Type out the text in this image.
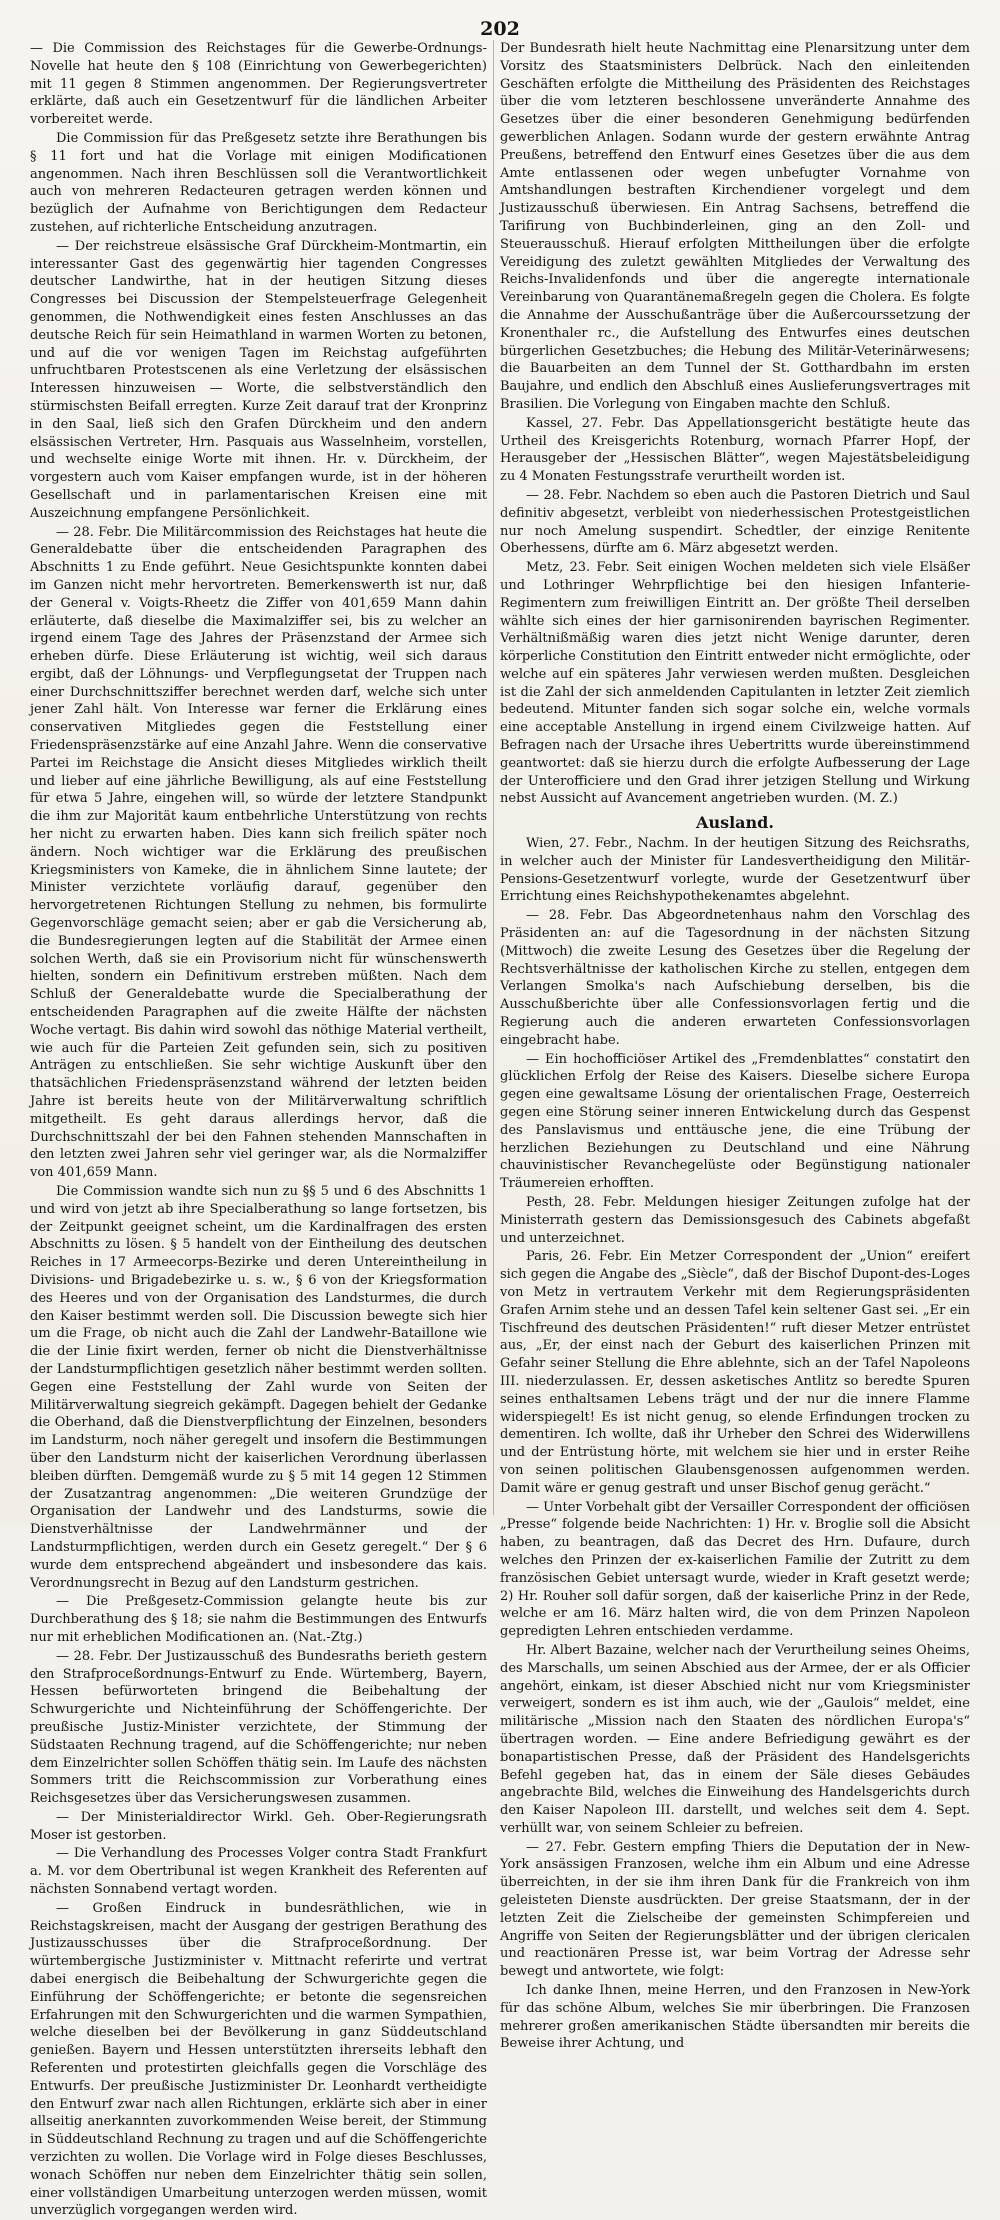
202

— Die Commission des Reichstages für die Gewerbe-Ordnungs-Novelle hat heute den § 108 (Einrichtung von Gewerbegerichten) mit 11 gegen 8 Stimmen angenommen. Der Regierungsvertreter erklärte, daß auch ein Gesetzentwurf für die ländlichen Arbeiter vorbereitet werde.

Die Commission für das Preßgesetz setzte ihre Berathungen bis § 11 fort und hat die Vorlage mit einigen Modificationen angenommen. Nach ihren Beschlüssen soll die Verantwortlichkeit auch von mehreren Redacteuren getragen werden können und bezüglich der Aufnahme von Berichtigungen dem Redacteur zustehen, auf richterliche Entscheidung anzutragen.

— Der reichstreue elsässische Graf Dürckheim-Montmartin, ein interessanter Gast des gegenwärtig hier tagenden Congresses deutscher Landwirthe, hat in der heutigen Sitzung dieses Congresses bei Discussion der Stempelsteuerfrage Gelegenheit genommen, die Nothwendigkeit eines festen Anschlusses an das deutsche Reich für sein Heimathland in warmen Worten zu betonen, und auf die vor wenigen Tagen im Reichstag aufgeführten unfruchtbaren Protestscenen als eine Verletzung der elsässischen Interessen hinzuweisen — Worte, die selbstverständlich den stürmischsten Beifall erregten. Kurze Zeit darauf trat der Kronprinz in den Saal, ließ sich den Grafen Dürckheim und den andern elsässischen Vertreter, Hrn. Pasquais aus Wasselnheim, vorstellen, und wechselte einige Worte mit ihnen. Hr. v. Dürckheim, der vorgestern auch vom Kaiser empfangen wurde, ist in der höheren Gesellschaft und in parlamentarischen Kreisen eine mit Auszeichnung empfangene Persönlichkeit.

— 28. Febr. Die Militärcommission des Reichstages hat heute die Generaldebatte über die entscheidenden Paragraphen des Abschnitts 1 zu Ende geführt. Neue Gesichtspunkte konnten dabei im Ganzen nicht mehr hervortreten. Bemerkenswerth ist nur, daß der General v. Voigts-Rheetz die Ziffer von 401,659 Mann dahin erläuterte, daß dieselbe die Maximalziffer sei, bis zu welcher an irgend einem Tage des Jahres der Präsenzstand der Armee sich erheben dürfe. Diese Erläuterung ist wichtig, weil sich daraus ergibt, daß der Löhnungs- und Verpflegungsetat der Truppen nach einer Durchschnittsziffer berechnet werden darf, welche sich unter jener Zahl hält. Von Interesse war ferner die Erklärung eines conservativen Mitgliedes gegen die Feststellung einer Friedenspräsenzstärke auf eine Anzahl Jahre. Wenn die conservative Partei im Reichstage die Ansicht dieses Mitgliedes wirklich theilt und lieber auf eine jährliche Bewilligung, als auf eine Feststellung für etwa 5 Jahre, eingehen will, so würde der letztere Standpunkt die ihm zur Majorität kaum entbehrliche Unterstützung von rechts her nicht zu erwarten haben. Dies kann sich freilich später noch ändern. Noch wichtiger war die Erklärung des preußischen Kriegsministers von Kameke, die in ähnlichem Sinne lautete; der Minister verzichtete vorläufig darauf, gegenüber den hervorgetretenen Richtungen Stellung zu nehmen, bis formulirte Gegenvorschläge gemacht seien; aber er gab die Versicherung ab, die Bundesregierungen legten auf die Stabilität der Armee einen solchen Werth, daß sie ein Provisorium nicht für wünschenswerth hielten, sondern ein Definitivum erstreben müßten. Nach dem Schluß der Generaldebatte wurde die Specialberathung der entscheidenden Paragraphen auf die zweite Hälfte der nächsten Woche vertagt. Bis dahin wird sowohl das nöthige Material vertheilt, wie auch für die Parteien Zeit gefunden sein, sich zu positiven Anträgen zu entschließen. Sie sehr wichtige Auskunft über den thatsächlichen Friedenspräsenzstand während der letzten beiden Jahre ist bereits heute von der Militärverwaltung schriftlich mitgetheilt. Es geht daraus allerdings hervor, daß die Durchschnittszahl der bei den Fahnen stehenden Mannschaften in den letzten zwei Jahren sehr viel geringer war, als die Normalziffer von 401,659 Mann.

Die Commission wandte sich nun zu §§ 5 und 6 des Abschnitts 1 und wird von jetzt ab ihre Specialberathung so lange fortsetzen, bis der Zeitpunkt geeignet scheint, um die Kardinalfragen des ersten Abschnitts zu lösen. § 5 handelt von der Eintheilung des deutschen Reiches in 17 Armeecorps-Bezirke und deren Untereintheilung in Divisions- und Brigadebezirke u. s. w., § 6 von der Kriegsformation des Heeres und von der Organisation des Landsturmes, die durch den Kaiser bestimmt werden soll. Die Discussion bewegte sich hier um die Frage, ob nicht auch die Zahl der Landwehr-Bataillone wie die der Linie fixirt werden, ferner ob nicht die Dienstverhältnisse der Landsturmpflichtigen gesetzlich näher bestimmt werden sollten. Gegen eine Feststellung der Zahl wurde von Seiten der Militärverwaltung siegreich gekämpft. Dagegen behielt der Gedanke die Oberhand, daß die Dienstverpflichtung der Einzelnen, besonders im Landsturm, noch näher geregelt und insofern die Bestimmungen über den Landsturm nicht der kaiserlichen Verordnung überlassen bleiben dürften. Demgemäß wurde zu § 5 mit 14 gegen 12 Stimmen der Zusatzantrag angenommen: „Die weiteren Grundzüge der Organisation der Landwehr und des Landsturms, sowie die Dienstverhältnisse der Landwehrmänner und der Landsturmpflichtigen, werden durch ein Gesetz geregelt.“ Der § 6 wurde dem entsprechend abgeändert und insbesondere das kais. Verordnungsrecht in Bezug auf den Landsturm gestrichen.

— Die Preßgesetz-Commission gelangte heute bis zur Durchberathung des § 18; sie nahm die Bestimmungen des Entwurfs nur mit erheblichen Modificationen an. (Nat.-Ztg.)

— 28. Febr. Der Justizausschuß des Bundesraths berieth gestern den Strafproceßordnungs-Entwurf zu Ende. Würtemberg, Bayern, Hessen befürworteten bringend die Beibehaltung der Schwurgerichte und Nichteinführung der Schöffengerichte. Der preußische Justiz-Minister verzichtete, der Stimmung der Südstaaten Rechnung tragend, auf die Schöffengerichte; nur neben dem Einzelrichter sollen Schöffen thätig sein. Im Laufe des nächsten Sommers tritt die Reichscommission zur Vorberathung eines Reichsgesetzes über das Versicherungswesen zusammen.

— Der Ministerialdirector Wirkl. Geh. Ober-Regierungsrath Moser ist gestorben.

— Die Verhandlung des Processes Volger contra Stadt Frankfurt a. M. vor dem Obertribunal ist wegen Krankheit des Referenten auf nächsten Sonnabend vertagt worden.

— Großen Eindruck in bundesräthlichen, wie in Reichstagskreisen, macht der Ausgang der gestrigen Berathung des Justizausschusses über die Strafproceßordnung. Der würtembergische Justizminister v. Mittnacht referirte und vertrat dabei energisch die Beibehaltung der Schwurgerichte gegen die Einführung der Schöffengerichte; er betonte die segensreichen Erfahrungen mit den Schwurgerichten und die warmen Sympathien, welche dieselben bei der Bevölkerung in ganz Süddeutschland genießen. Bayern und Hessen unterstützten ihrerseits lebhaft den Referenten und protestirten gleichfalls gegen die Vorschläge des Entwurfs. Der preußische Justizminister Dr. Leonhardt vertheidigte den Entwurf zwar nach allen Richtungen, erklärte sich aber in einer allseitig anerkannten zuvorkommenden Weise bereit, der Stimmung in Süddeutschland Rechnung zu tragen und auf die Schöffengerichte verzichten zu wollen. Die Vorlage wird in Folge dieses Beschlusses, wonach Schöffen nur neben dem Einzelrichter thätig sein sollen, einer vollständigen Umarbeitung unterzogen werden müssen, womit unverzüglich vorgegangen werden wird.

Der Bundesrath hielt heute Nachmittag eine Plenarsitzung unter dem Vorsitz des Staatsministers Delbrück. Nach den einleitenden Geschäften erfolgte die Mittheilung des Präsidenten des Reichstages über die vom letzteren beschlossene unveränderte Annahme des Gesetzes über die einer besonderen Genehmigung bedürfenden gewerblichen Anlagen. Sodann wurde der gestern erwähnte Antrag Preußens, betreffend den Entwurf eines Gesetzes über die aus dem Amte entlassenen oder wegen unbefugter Vornahme von Amtshandlungen bestraften Kirchendiener vorgelegt und dem Justizausschuß überwiesen. Ein Antrag Sachsens, betreffend die Tarifirung von Buchbinderleinen, ging an den Zoll- und Steuerausschuß. Hierauf erfolgten Mittheilungen über die erfolgte Vereidigung des zuletzt gewählten Mitgliedes der Verwaltung des Reichs-Invalidenfonds und über die angeregte internationale Vereinbarung von Quarantänemaßregeln gegen die Cholera. Es folgte die Annahme der Ausschußanträge über die Außercourssetzung der Kronenthaler rc., die Aufstellung des Entwurfes eines deutschen bürgerlichen Gesetzbuches; die Hebung des Militär-Veterinärwesens; die Bauarbeiten an dem Tunnel der St. Gotthardbahn im ersten Baujahre, und endlich den Abschluß eines Auslieferungsvertrages mit Brasilien. Die Vorlegung von Eingaben machte den Schluß.

Kassel, 27. Febr. Das Appellationsgericht bestätigte heute das Urtheil des Kreisgerichts Rotenburg, wornach Pfarrer Hopf, der Herausgeber der „Hessischen Blätter“, wegen Majestätsbeleidigung zu 4 Monaten Festungsstrafe verurtheilt worden ist.

— 28. Febr. Nachdem so eben auch die Pastoren Dietrich und Saul definitiv abgesetzt, verbleibt von niederhessischen Protestgeistlichen nur noch Amelung suspendirt. Schedtler, der einzige Renitente Oberhessens, dürfte am 6. März abgesetzt werden.

Metz, 23. Febr. Seit einigen Wochen meldeten sich viele Elsäßer und Lothringer Wehrpflichtige bei den hiesigen Infanterie-Regimentern zum freiwilligen Eintritt an. Der größte Theil derselben wählte sich eines der hier garnisonirenden bayrischen Regimenter. Verhältnißmäßig waren dies jetzt nicht Wenige darunter, deren körperliche Constitution den Eintritt entweder nicht ermöglichte, oder welche auf ein späteres Jahr verwiesen werden mußten. Desgleichen ist die Zahl der sich anmeldenden Capitulanten in letzter Zeit ziemlich bedeutend. Mitunter fanden sich sogar solche ein, welche vormals eine acceptable Anstellung in irgend einem Civilzweige hatten. Auf Befragen nach der Ursache ihres Uebertritts wurde übereinstimmend geantwortet: daß sie hierzu durch die erfolgte Aufbesserung der Lage der Unterofficiere und den Grad ihrer jetzigen Stellung und Wirkung nebst Aussicht auf Avancement angetrieben wurden. (M. Z.)

Ausland.

Wien, 27. Febr., Nachm. In der heutigen Sitzung des Reichsraths, in welcher auch der Minister für Landesvertheidigung den Militär-Pensions-Gesetzentwurf vorlegte, wurde der Gesetzentwurf über Errichtung eines Reichshypothekenamtes abgelehnt.

— 28. Febr. Das Abgeordnetenhaus nahm den Vorschlag des Präsidenten an: auf die Tagesordnung in der nächsten Sitzung (Mittwoch) die zweite Lesung des Gesetzes über die Regelung der Rechtsverhältnisse der katholischen Kirche zu stellen, entgegen dem Verlangen Smolka's nach Aufschiebung derselben, bis die Ausschußberichte über alle Confessionsvorlagen fertig und die Regierung auch die anderen erwarteten Confessionsvorlagen eingebracht habe.

— Ein hochofficiöser Artikel des „Fremdenblattes“ constatirt den glücklichen Erfolg der Reise des Kaisers. Dieselbe sichere Europa gegen eine gewaltsame Lösung der orientalischen Frage, Oesterreich gegen eine Störung seiner inneren Entwickelung durch das Gespenst des Panslavismus und enttäusche jene, die eine Trübung der herzlichen Beziehungen zu Deutschland und eine Nährung chauvinistischer Revanchegelüste oder Begünstigung nationaler Träumereien erhofften.

Pesth, 28. Febr. Meldungen hiesiger Zeitungen zufolge hat der Ministerrath gestern das Demissionsgesuch des Cabinets abgefaßt und unterzeichnet.

Paris, 26. Febr. Ein Metzer Correspondent der „Union“ ereifert sich gegen die Angabe des „Siècle“, daß der Bischof Dupont-des-Loges von Metz in vertrautem Verkehr mit dem Regierungspräsidenten Grafen Arnim stehe und an dessen Tafel kein seltener Gast sei. „Er ein Tischfreund des deutschen Präsidenten!“ ruft dieser Metzer entrüstet aus, „Er, der einst nach der Geburt des kaiserlichen Prinzen mit Gefahr seiner Stellung die Ehre ablehnte, sich an der Tafel Napoleons III. niederzulassen. Er, dessen asketisches Antlitz so beredte Spuren seines enthaltsamen Lebens trägt und der nur die innere Flamme widerspiegelt! Es ist nicht genug, so elende Erfindungen trocken zu dementiren. Ich wollte, daß ihr Urheber den Schrei des Widerwillens und der Entrüstung hörte, mit welchem sie hier und in erster Reihe von seinen politischen Glaubensgenossen aufgenommen werden. Damit wäre er genug gestraft und unser Bischof genug gerächt.“

— Unter Vorbehalt gibt der Versailler Correspondent der officiösen „Presse“ folgende beide Nachrichten: 1) Hr. v. Broglie soll die Absicht haben, zu beantragen, daß das Decret des Hrn. Dufaure, durch welches den Prinzen der ex-kaiserlichen Familie der Zutritt zu dem französischen Gebiet untersagt wurde, wieder in Kraft gesetzt werde; 2) Hr. Rouher soll dafür sorgen, daß der kaiserliche Prinz in der Rede, welche er am 16. März halten wird, die von dem Prinzen Napoleon gepredigten Lehren entschieden verdamme.

Hr. Albert Bazaine, welcher nach der Verurtheilung seines Oheims, des Marschalls, um seinen Abschied aus der Armee, der er als Officier angehört, einkam, ist dieser Abschied nicht nur vom Kriegsminister verweigert, sondern es ist ihm auch, wie der „Gaulois“ meldet, eine militärische „Mission nach den Staaten des nördlichen Europa's“ übertragen worden. — Eine andere Befriedigung gewährt es der bonapartistischen Presse, daß der Präsident des Handelsgerichts Befehl gegeben hat, das in einem der Säle dieses Gebäudes angebrachte Bild, welches die Einweihung des Handelsgerichts durch den Kaiser Napoleon III. darstellt, und welches seit dem 4. Sept. verhüllt war, von seinem Schleier zu befreien.

— 27. Febr. Gestern empfing Thiers die Deputation der in New-York ansässigen Franzosen, welche ihm ein Album und eine Adresse überreichten, in der sie ihm ihren Dank für die Frankreich von ihm geleisteten Dienste ausdrückten. Der greise Staatsmann, der in der letzten Zeit die Zielscheibe der gemeinsten Schimpfereien und Angriffe von Seiten der Regierungsblätter und der übrigen clericalen und reactionären Presse ist, war beim Vortrag der Adresse sehr bewegt und antwortete, wie folgt:

Ich danke Ihnen, meine Herren, und den Franzosen in New-York für das schöne Album, welches Sie mir überbringen. Die Franzosen mehrerer großen amerikanischen Städte übersandten mir bereits die Beweise ihrer Achtung, und
